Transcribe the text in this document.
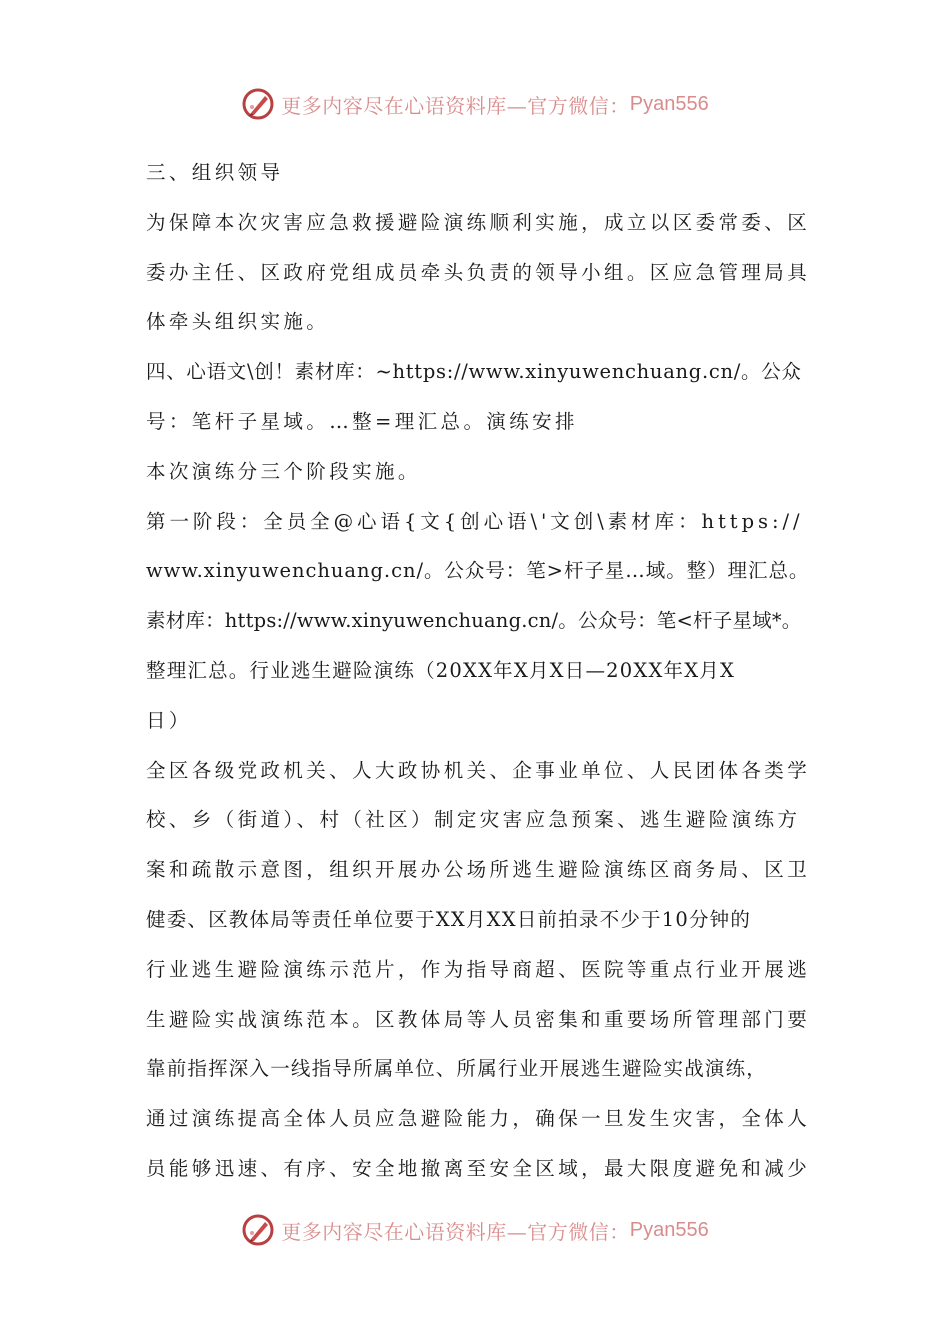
更多内容尽在心语资料库—官方微信： Pyan556
三、组织领导
为保障本次灾害应急救援避险演练顺利实施，成立以区委常委、区
委办主任、区政府党组成员牵头负责的领导小组。区应急管理局具
体牵头组织实施。
四、心语文\创！素材库：~https://www.xinyuwenchuang.cn/。公众
号：笔杆子星域。…整=理汇总。演练安排
本次演练分三个阶段实施。
第一阶段：全员全@心语{文{创心语\'文创\素材库：https://
www.xinyuwenchuang.cn/。公众号：笔>杆子星…域。整）理汇总。
素材库：https://www.xinyuwenchuang.cn/。公众号：笔<杆子星域*。
整理汇总。行业逃生避险演练（20XX年X月X日—20XX年X月X
日）
全区各级党政机关、人大政协机关、企事业单位、人民团体各类学
校、乡（街道）、村（社区）制定灾害应急预案、逃生避险演练方
案和疏散示意图，组织开展办公场所逃生避险演练区商务局、区卫
健委、区教体局等责任单位要于XX月XX日前拍录不少于10分钟的
行业逃生避险演练示范片，作为指导商超、医院等重点行业开展逃
生避险实战演练范本。区教体局等人员密集和重要场所管理部门要
靠前指挥深入一线指导所属单位、所属行业开展逃生避险实战演练，
通过演练提高全体人员应急避险能力，确保一旦发生灾害，全体人
员能够迅速、有序、安全地撤离至安全区域，最大限度避免和减少
更多内容尽在心语资料库—官方微信： Pyan556
